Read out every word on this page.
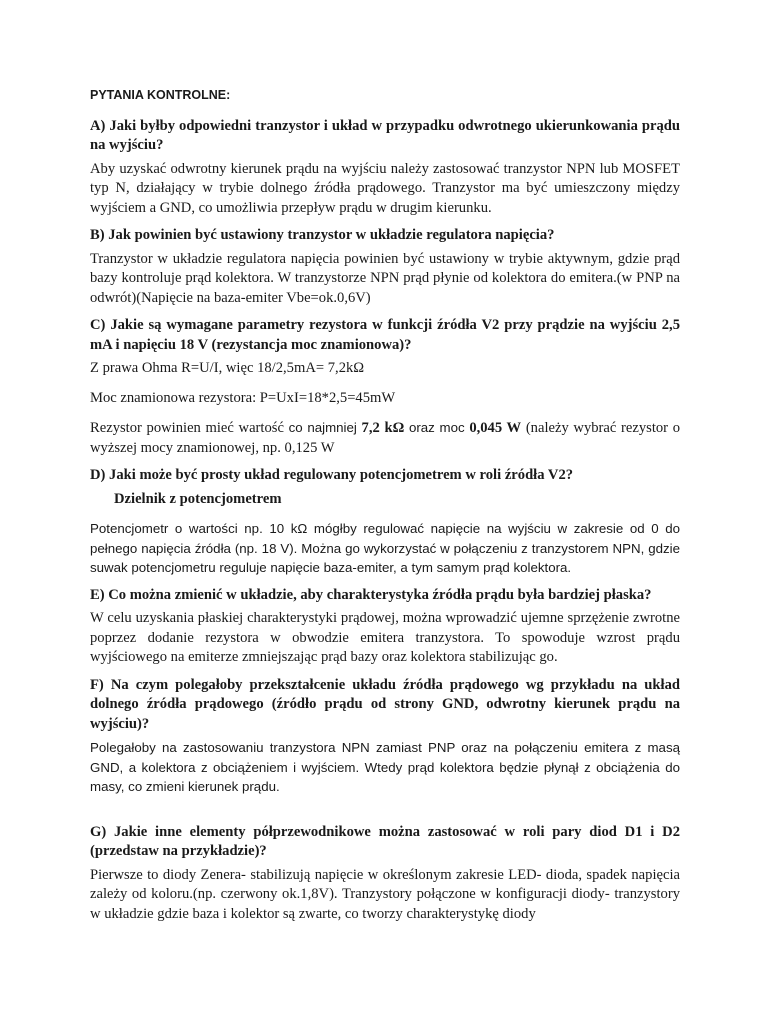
PYTANIA KONTROLNE:

A) Jaki byłby odpowiedni tranzystor i układ w przypadku odwrotnego ukierunkowania prądu na wyjściu?

Aby uzyskać odwrotny kierunek prądu na wyjściu należy zastosować tranzystor NPN lub MOSFET typ N, działający w trybie dolnego źródła prądowego. Tranzystor ma być umieszczony między wyjściem a GND, co umożliwia przepływ prądu w drugim kierunku.

B) Jak powinien być ustawiony tranzystor w układzie regulatora napięcia?

Tranzystor w układzie regulatora napięcia powinien być ustawiony w trybie aktywnym, gdzie prąd bazy kontroluje prąd kolektora. W tranzystorze NPN prąd płynie od kolektora do emitera.(w PNP na odwrót)(Napięcie na baza-emiter Vbe=ok.0,6V)

C) Jakie są wymagane parametry rezystora w funkcji źródła V2 przy prądzie na wyjściu 2,5 mA i napięciu 18 V (rezystancja moc znamionowa)?

Z prawa Ohma R=U/I, więc 18/2,5mA= 7,2kΩ

Moc znamionowa rezystora: P=UxI=18*2,5=45mW

Rezystor powinien mieć wartość co najmniej 7,2 kΩ oraz moc 0,045 W (należy wybrać rezystor o wyższej mocy znamionowej, np. 0,125 W

D) Jaki może być prosty układ regulowany potencjometrem w roli źródła V2?

Dzielnik z potencjometrem

Potencjometr o wartości np. 10 kΩ mógłby regulować napięcie na wyjściu w zakresie od 0 do pełnego napięcia źródła (np. 18 V). Można go wykorzystać w połączeniu z tranzystorem NPN, gdzie suwak potencjometru reguluje napięcie baza-emiter, a tym samym prąd kolektora.

E) Co można zmienić w układzie, aby charakterystyka źródła prądu była bardziej płaska?

W celu uzyskania płaskiej charakterystyki prądowej, można wprowadzić ujemne sprzężenie zwrotne poprzez dodanie rezystora w obwodzie emitera tranzystora. To spowoduje wzrost prądu wyjściowego na emiterze zmniejszając prąd bazy oraz kolektora stabilizując go.

F) Na czym polegałoby przekształcenie układu źródła prądowego wg przykładu na układ dolnego źródła prądowego (źródło prądu od strony GND, odwrotny kierunek prądu na wyjściu)?

Polegałoby na zastosowaniu tranzystora NPN zamiast PNP oraz na połączeniu emitera z masą GND, a kolektora z obciążeniem i wyjściem. Wtedy prąd kolektora będzie płynął z obciążenia do masy, co zmieni kierunek prądu.

G) Jakie inne elementy półprzewodnikowe można zastosować w roli pary diod D1 i D2 (przedstaw na przykładzie)?

Pierwsze to diody Zenera- stabilizują napięcie w określonym zakresie LED- dioda, spadek napięcia zależy od koloru.(np. czerwony ok.1,8V). Tranzystory połączone w konfiguracji diody- tranzystory w układzie gdzie baza i kolektor są zwarte, co tworzy charakterystykę diody
